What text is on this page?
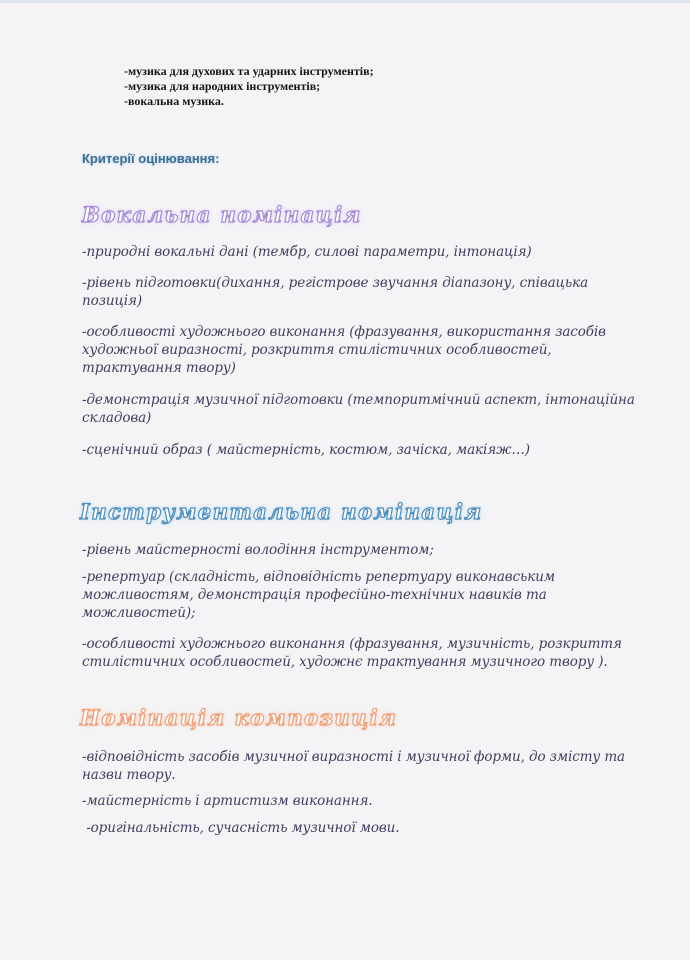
-музика для духових та ударних інструментів;
-музика для народних інструментів;
-вокальна музика.
Критерії оцінювання:
Вокальна номінація
-природні вокальні дані (тембр, силові параметри, інтонація)
-рівень підготовки(дихання, регістрове звучання діапазону, співацька позиція)
-особливості художнього виконання (фразування, використання засобів художньої виразності, розкриття стилістичних особливостей, трактування твору)
-демонстрація музичної підготовки (темпоритмічний аспект, інтонаційна складова)
-сценічний образ ( майстерність, костюм, зачіска, макіяж…)
Інструментальна номінація
-рівень майстерності володіння інструментом;
-репертуар (складність, відповідність репертуару виконавським можливостям, демонстрація професійно-технічних навиків та можливостей);
-особливості художнього виконання (фразування, музичність, розкриття стилістичних особливостей, художнє трактування музичного твору ).
Номінація композиція
-відповідність засобів музичної виразності і музичної форми, до змісту та назви твору.
-майстерність і артистизм виконання.
-оригінальність, сучасність музичної мови.
